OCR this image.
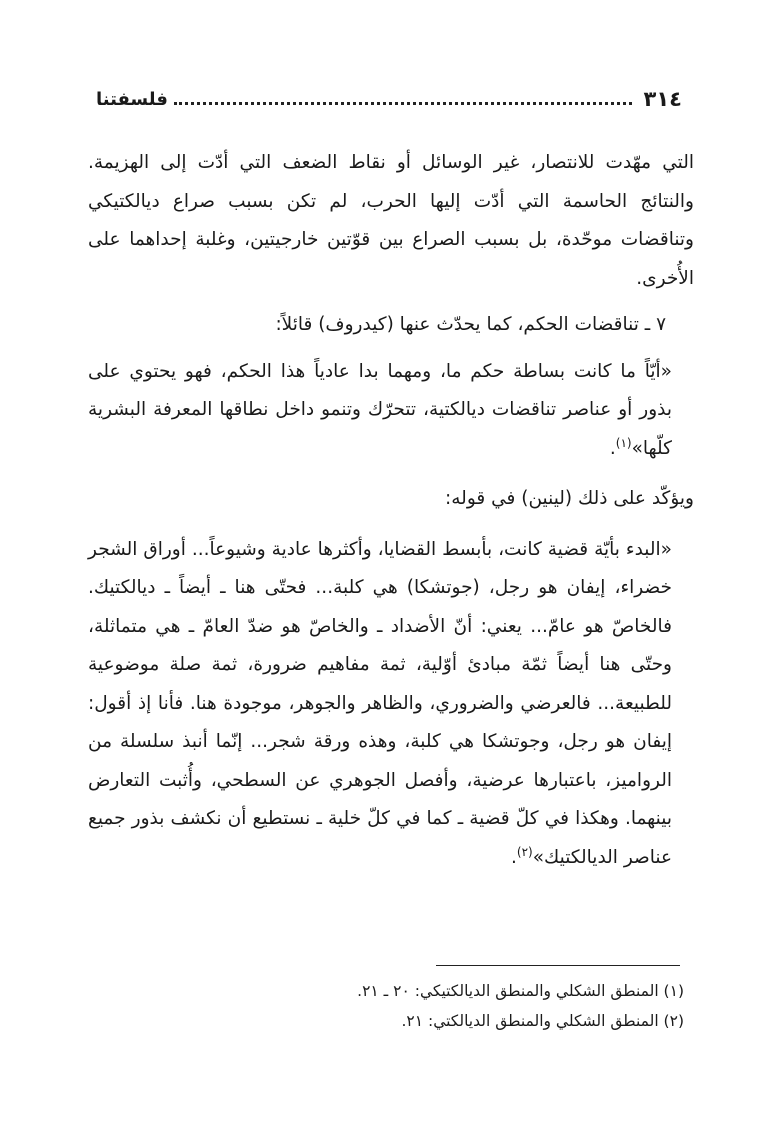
٣١٤
فلسفتنا

التي مهّدت للانتصار، غير الوسائل أو نقاط الضعف التي أدّت إلى الهزيمة. والنتائج الحاسمة التي أدّت إليها الحرب، لم تكن بسبب صراع ديالكتيكي وتناقضات موحّدة، بل بسبب الصراع بين قوّتين خارجيتين، وغلبة إحداهما على الأُخرى.

٧ ـ تناقضات الحكم، كما يحدّث عنها (كيدروف) قائلاً:

«أيّاً ما كانت بساطة حكم ما، ومهما بدا عادياً هذا الحكم، فهو يحتوي على بذور أو عناصر تناقضات ديالكتية، تتحرّك وتنمو داخل نطاقها المعرفة البشرية كلّها»$^{(١)}$.

ويؤكّد على ذلك (لينين) في قوله:

«البدء بأيّة قضية كانت، بأبسط القضايا، وأكثرها عادية وشيوعاً... أوراق الشجر خضراء، إيفان هو رجل، (جوتشكا) هي كلبة... فحتّى هنا ـ أيضاً ـ ديالكتيك. فالخاصّ هو عامّ... يعني: أنّ الأضداد ـ والخاصّ هو ضدّ العامّ ـ هي متماثلة، وحتّى هنا أيضاً ثمّة مبادئ أوّلية، ثمة مفاهيم ضرورة، ثمة صلة موضوعية للطبيعة... فالعرضي والضروري، والظاهر والجوهر، موجودة هنا. فأنا إذ أقول: إيفان هو رجل، وجوتشكا هي كلبة، وهذه ورقة شجر... إنّما أنبذ سلسلة من الرواميز، باعتبارها عرضية، وأفصل الجوهري عن السطحي، وأُثبت التعارض بينهما. وهكذا في كلّ قضية ـ كما في كلّ خلية ـ نستطيع أن نكشف بذور جميع عناصر الديالكتيك»$^{(٢)}$.

(١) المنطق الشكلي والمنطق الديالكتيكي: ٢٠ ـ ٢١.

(٢) المنطق الشكلي والمنطق الديالكتي: ٢١.
